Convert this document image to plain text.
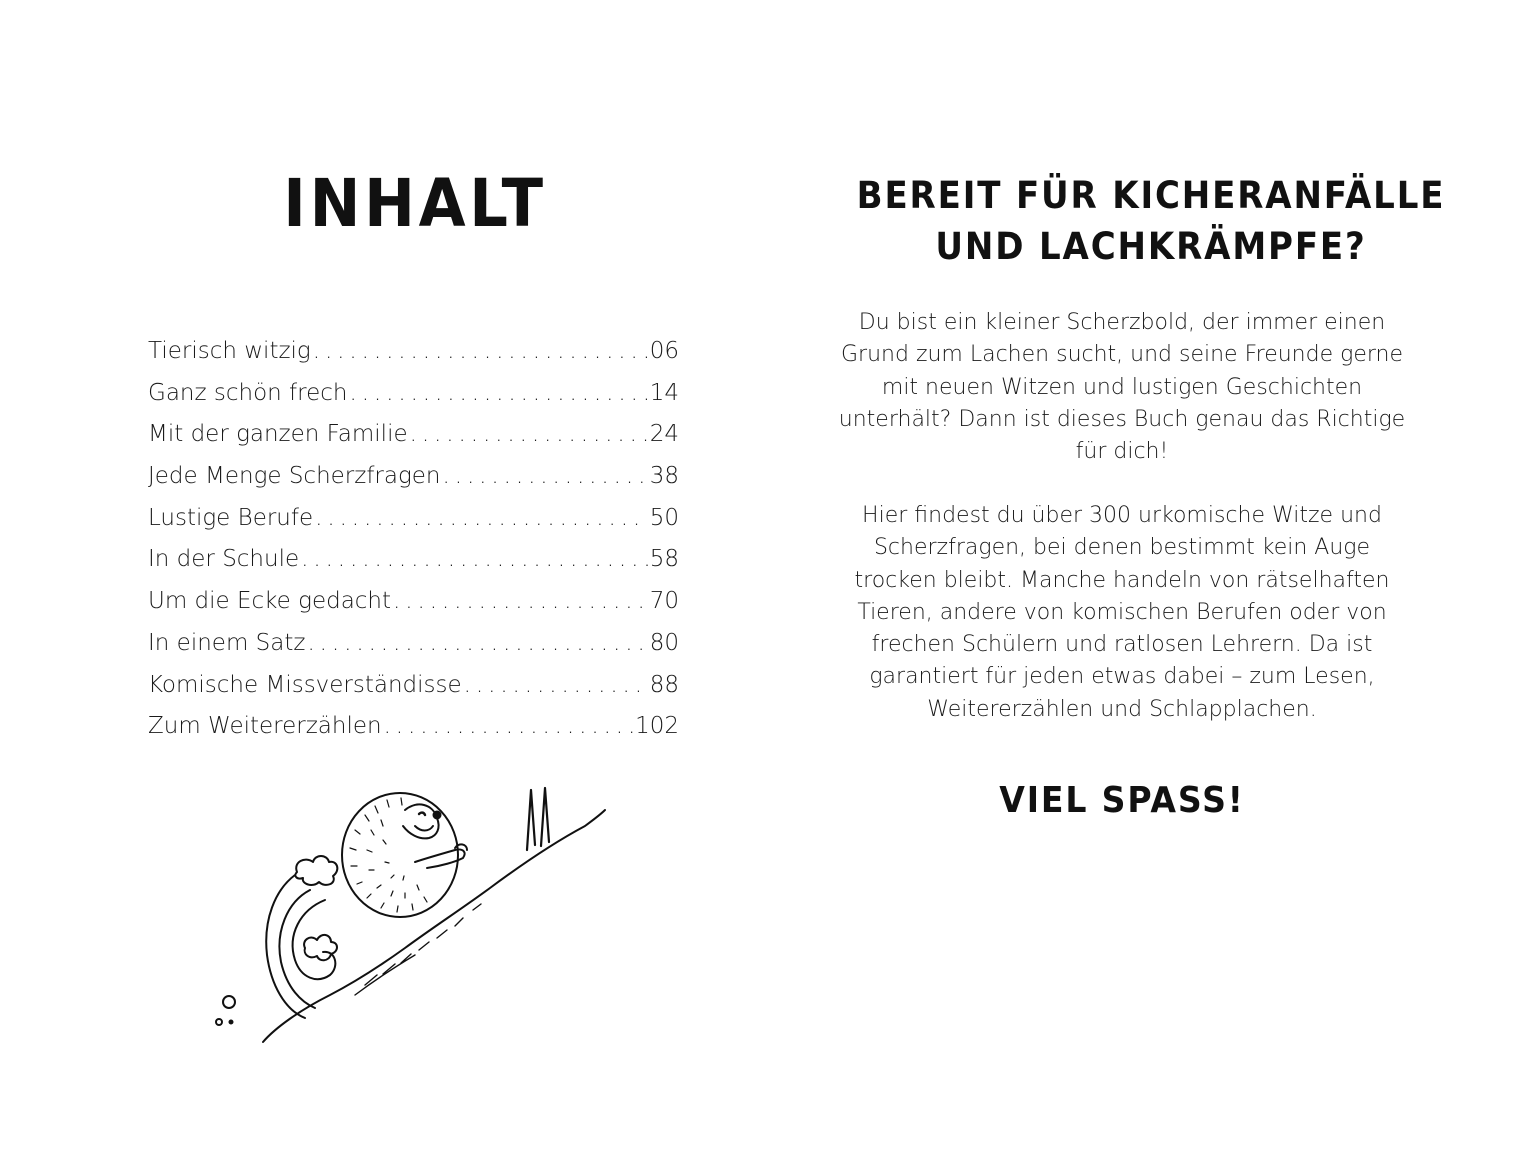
INHALT
Tierisch witzig . . .	06
Ganz schön frech . . .	14
Mit der ganzen Familie . . .	24
Jede Menge Scherzfragen . . .	38
Lustige Berufe . . .	50
In der Schule . . .	58
Um die Ecke gedacht . . .	70
In einem Satz . . .	80
Komische Missverständisse . . .	88
Zum Weitererzählen . . .	102
BEREIT FÜR KICHERANFÄLLE
UND LACHKRÄMPFE?

Du bist ein kleiner Scherzbold, der immer einen Grund zum Lachen sucht, und seine Freunde gerne mit neuen Witzen und lustigen Geschichten unterhält? Dann ist dieses Buch genau das Richtige für dich!

Hier findest du über 300 urkomische Witze und Scherzfragen, bei denen bestimmt kein Auge trocken bleibt. Manche handeln von rätselhaften Tieren, andere von komischen Berufen oder von frechen Schülern und ratlosen Lehrern. Da ist garantiert für jeden etwas dabei – zum Lesen, Weitererzählen und Schlapplachen.

VIEL SPASS!
